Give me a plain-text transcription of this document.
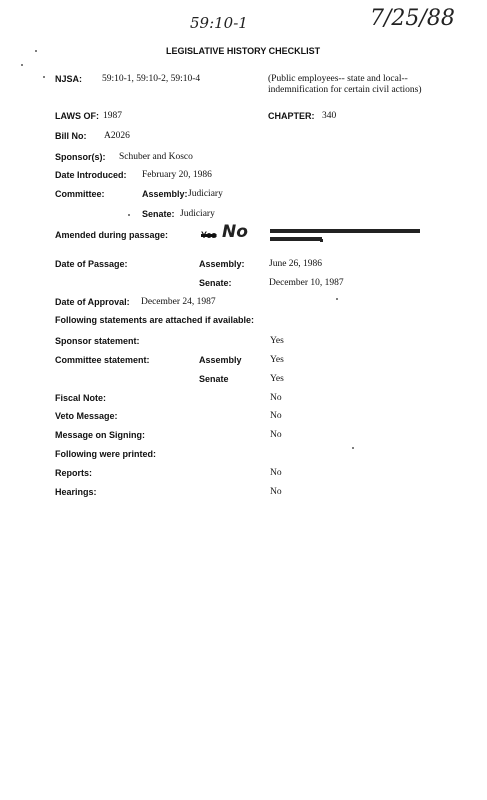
59:10-1	7/25/88
LEGISLATIVE HISTORY CHECKLIST
NJSA: 59:10-1, 59:10-2, 59:10-4	(Public employees-- state and local-- indemnification for certain civil actions)
LAWS OF: 1987	CHAPTER: 340
Bill No: A2026
Sponsor(s): Schuber and Kosco
Date Introduced: February 20, 1986
Committee:	Assembly: Judiciary
Senate: Judiciary
Amended during passage:	Yes No
Date of Passage:	Assembly:	June 26, 1986
Senate:	December 10, 1987
Date of Approval: December 24, 1987
Following statements are attached if available:
Sponsor statement:	Yes
Committee statement:	Assembly	Yes
Senate	Yes
Fiscal Note:	No
Veto Message:	No
Message on Signing:	No
Following were printed:
Reports:	No
Hearings:	No
